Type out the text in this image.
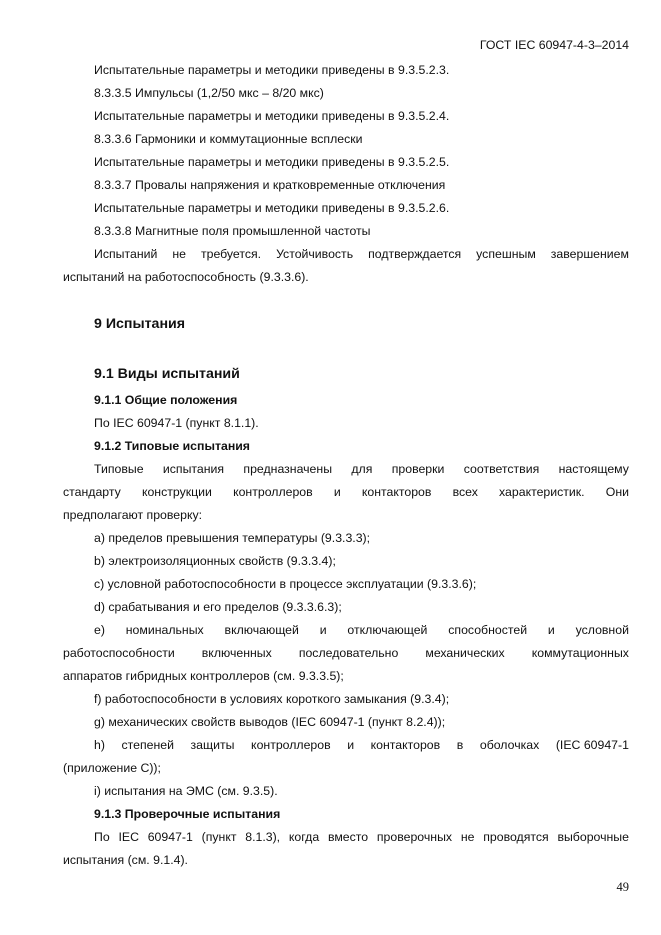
ГОСТ IEC 60947-4-3–2014
Испытательные параметры и методики приведены в 9.3.5.2.3.
8.3.3.5 Импульсы (1,2/50 мкс – 8/20 мкс)
Испытательные параметры и методики приведены в 9.3.5.2.4.
8.3.3.6 Гармоники и коммутационные всплески
Испытательные параметры и методики приведены в 9.3.5.2.5.
8.3.3.7 Провалы напряжения и кратковременные отключения
Испытательные параметры и методики приведены в 9.3.5.2.6.
8.3.3.8 Магнитные поля промышленной частоты
Испытаний не требуется. Устойчивость подтверждается успешным завершением
испытаний на работоспособность (9.3.3.6).
9 Испытания
9.1 Виды испытаний
9.1.1 Общие положения
По IEC 60947-1 (пункт 8.1.1).
9.1.2 Типовые испытания
Типовые испытания предназначены для проверки соответствия настоящему
стандарту конструкции контроллеров и контакторов всех характеристик. Они
предполагают проверку:
a) пределов превышения температуры (9.3.3.3);
b) электроизоляционных свойств (9.3.3.4);
c) условной работоспособности в процессе эксплуатации (9.3.3.6);
d) срабатывания и его пределов (9.3.3.6.3);
e) номинальных включающей и отключающей способностей и условной
работоспособности включенных последовательно механических коммутационных
аппаратов гибридных контроллеров (см. 9.3.3.5);
f) работоспособности в условиях короткого замыкания (9.3.4);
g) механических свойств выводов (IEC 60947-1 (пункт 8.2.4));
h) степеней защиты контроллеров и контакторов в оболочках (IEC 60947-1
(приложение C));
i) испытания на ЭМС (см. 9.3.5).
9.1.3 Проверочные испытания
По IEC 60947-1 (пункт 8.1.3), когда вместо проверочных не проводятся выборочные
испытания (см. 9.1.4).
49
